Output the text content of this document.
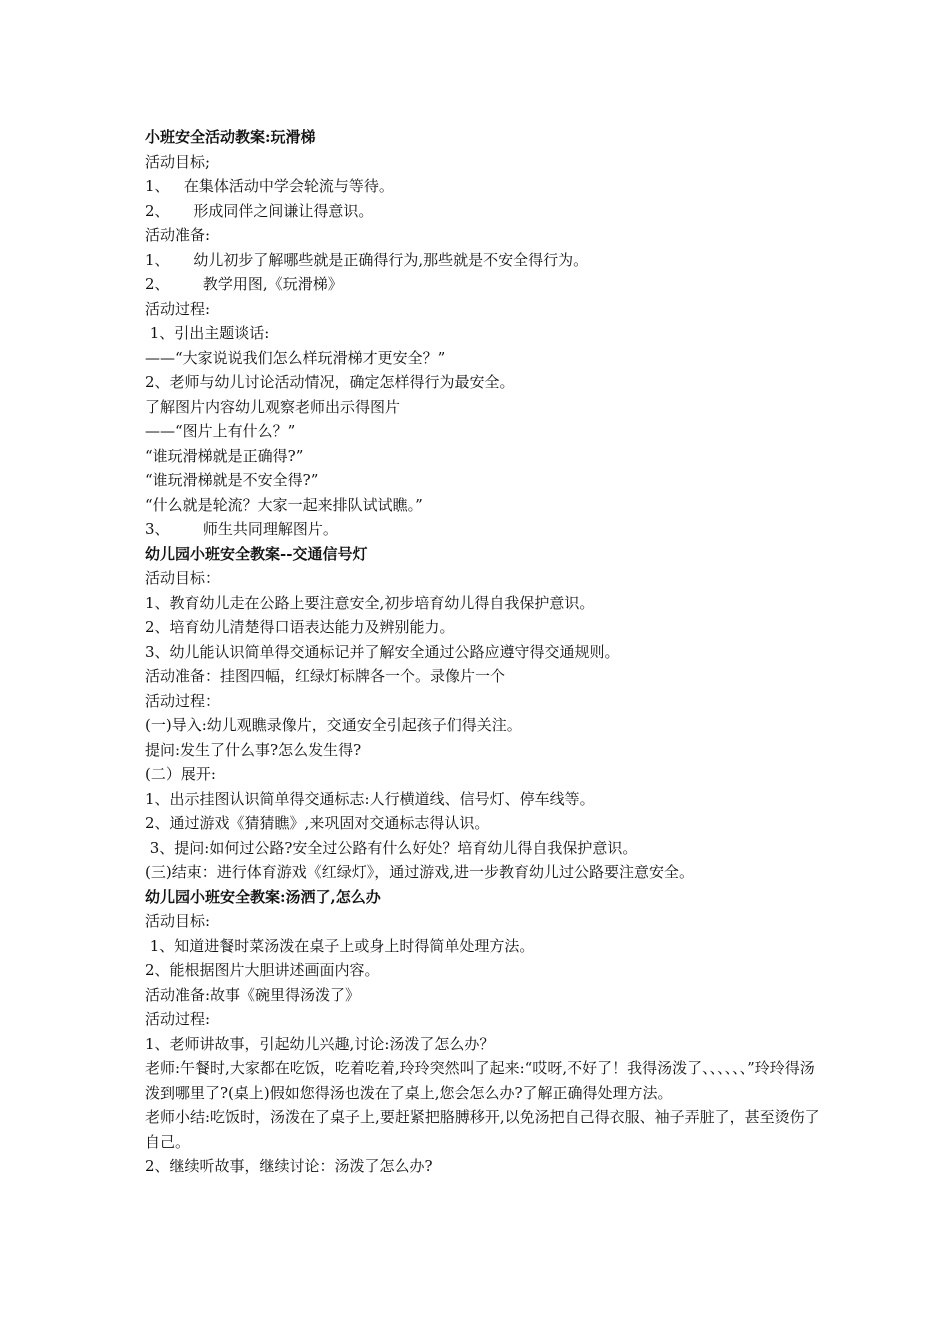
小班安全活动教案:玩滑梯

活动目标;

1、   在集体活动中学会轮流与等待。

2、     形成同伴之间谦让得意识。

活动准备:

1、     幼儿初步了解哪些就是正确得行为,那些就是不安全得行为。

2、       教学用图,《玩滑梯》

活动过程:

1、引出主题谈话:

——“大家说说我们怎么样玩滑梯才更安全？”

2、老师与幼儿讨论活动情况，确定怎样得行为最安全。

了解图片内容幼儿观察老师出示得图片

——“图片上有什么？”

“谁玩滑梯就是正确得?”

“谁玩滑梯就是不安全得?”

“什么就是轮流？大家一起来排队试试瞧。”

3、       师生共同理解图片。

幼儿园小班安全教案--交通信号灯

活动目标：

1、教育幼儿走在公路上要注意安全,初步培育幼儿得自我保护意识。

2、培育幼儿清楚得口语表达能力及辨别能力。

3、幼儿能认识简单得交通标记并了解安全通过公路应遵守得交通规则。

活动准备：挂图四幅，红绿灯标牌各一个。录像片一个

活动过程：

(一)导入:幼儿观瞧录像片，交通安全引起孩子们得关注。

提问:发生了什么事?怎么发生得?

(二）展开:

1、出示挂图认识简单得交通标志:人行横道线、信号灯、停车线等。

2、通过游戏《猜猜瞧》,来巩固对交通标志得认识。

3、提问:如何过公路?安全过公路有什么好处？培育幼儿得自我保护意识。

(三)结束：进行体育游戏《红绿灯》，通过游戏,进一步教育幼儿过公路要注意安全。

幼儿园小班安全教案:汤洒了,怎么办

活动目标:

1、知道进餐时菜汤泼在桌子上或身上时得简单处理方法。

2、能根据图片大胆讲述画面内容。

活动准备:故事《碗里得汤泼了》

活动过程:

1、老师讲故事，引起幼儿兴趣,讨论:汤泼了怎么办？

老师:午餐时,大家都在吃饭，吃着吃着,玲玲突然叫了起来:“哎呀,不好了！我得汤泼了、、、、、、”玲玲得汤泼到哪里了?(桌上)假如您得汤也泼在了桌上,您会怎么办?了解正确得处理方法。

老师小结:吃饭时，汤泼在了桌子上,要赶紧把胳膊移开,以免汤把自己得衣服、袖子弄脏了，甚至烫伤了自己。

2、继续听故事，继续讨论：汤泼了怎么办?
